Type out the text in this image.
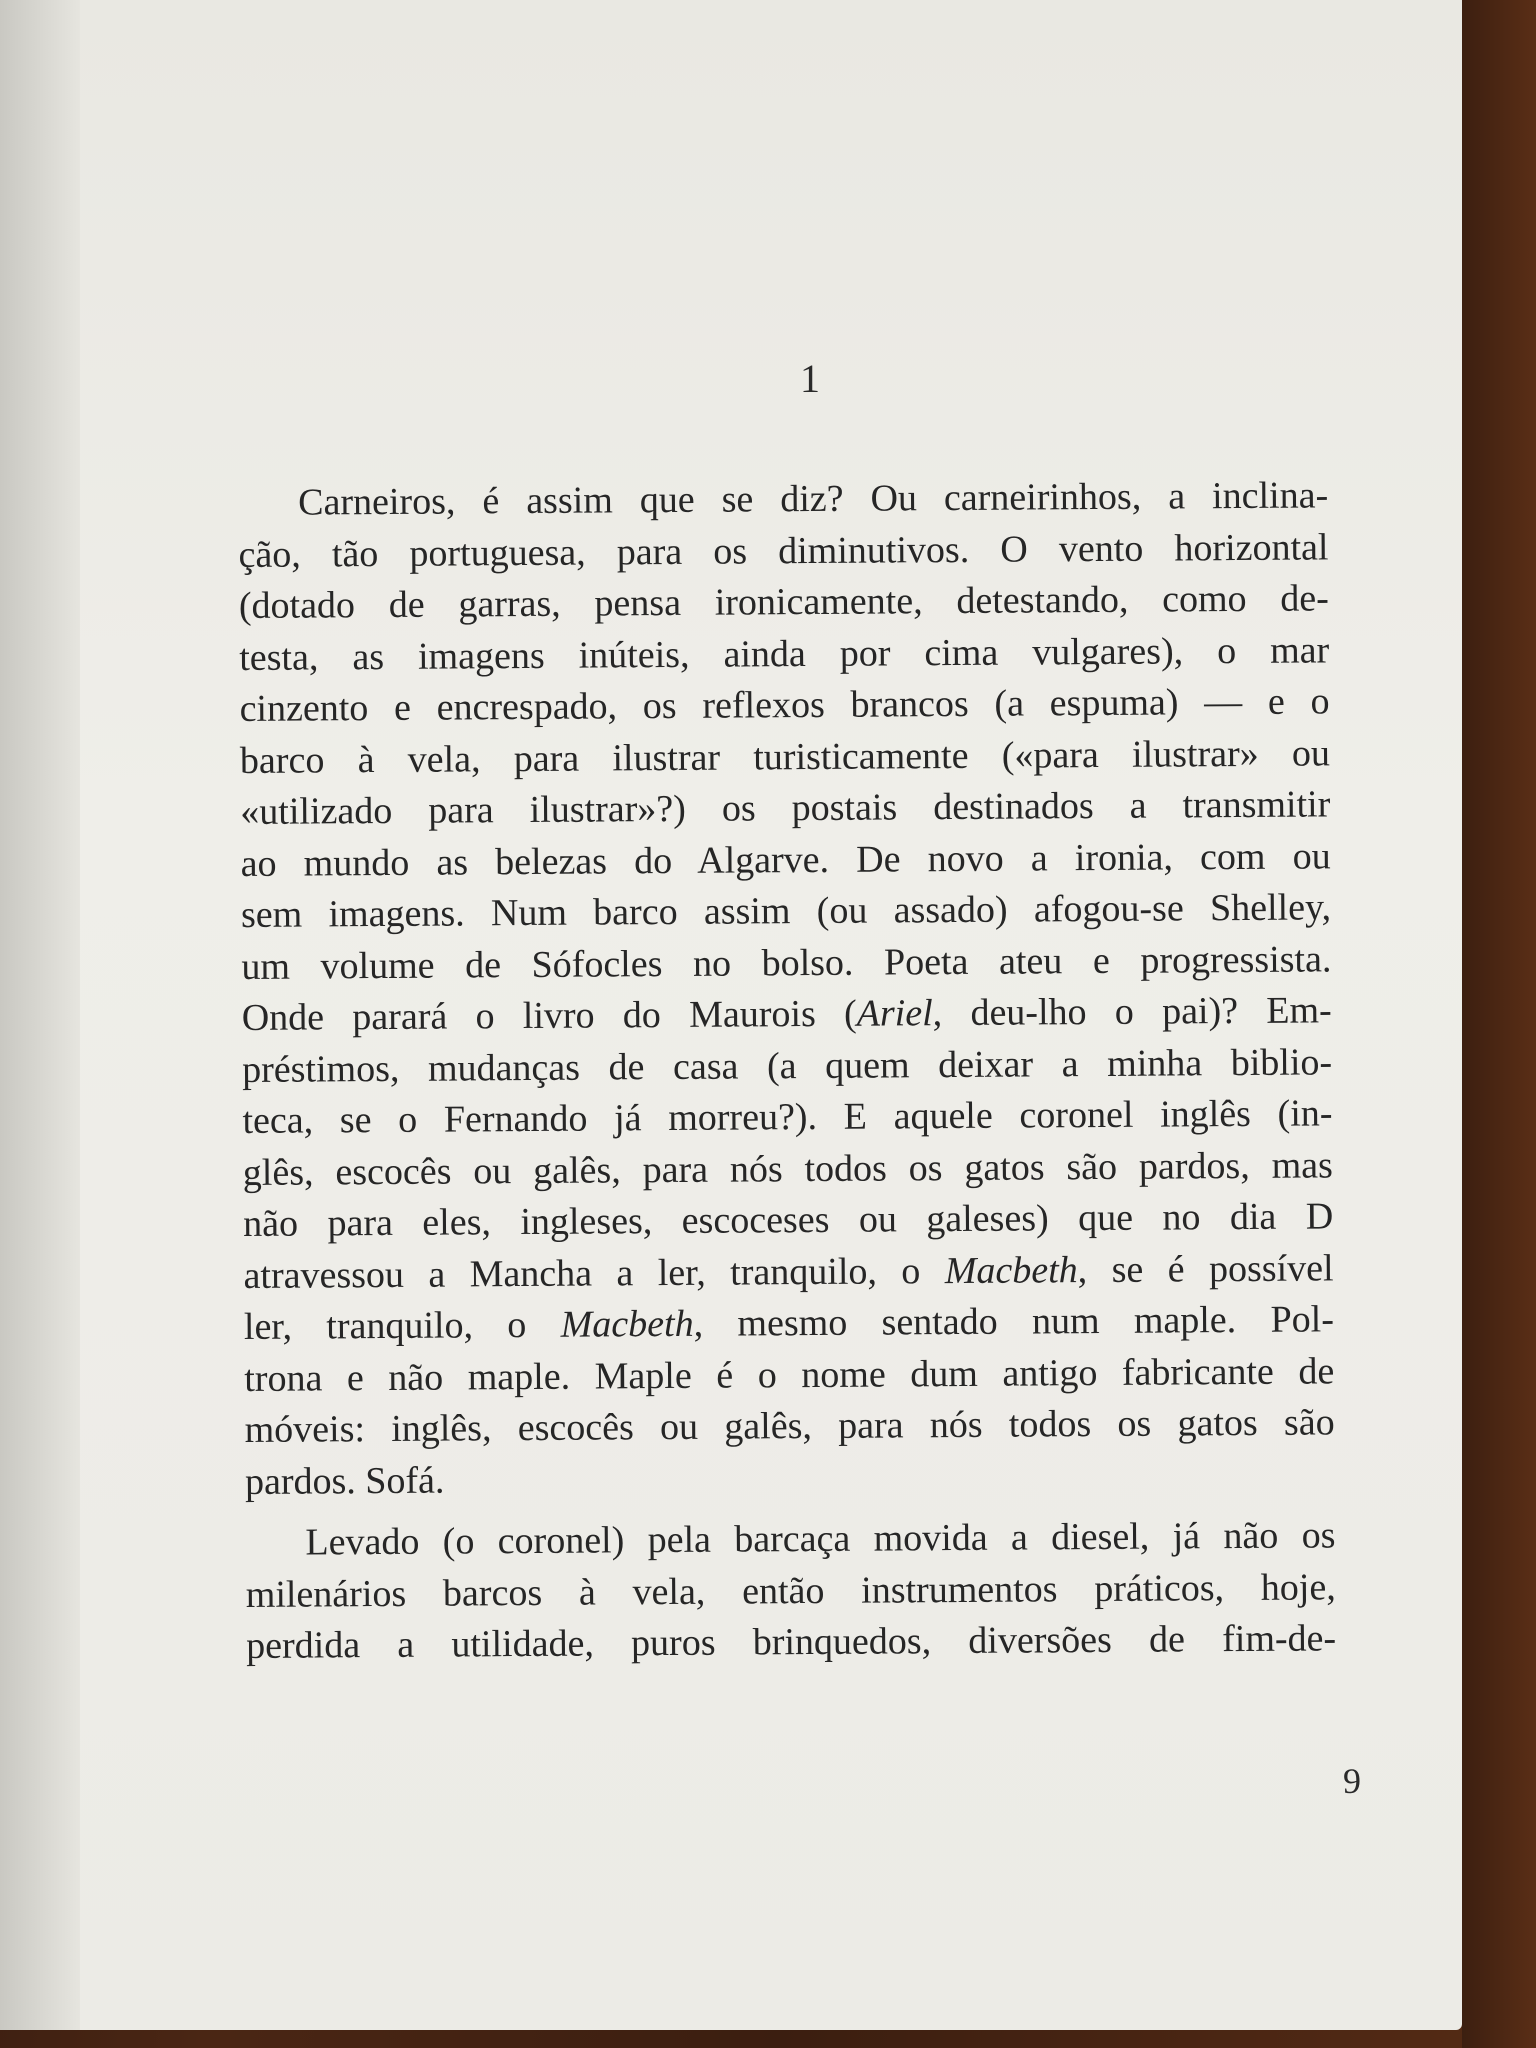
1

Carneiros, é assim que se diz? Ou carneirinhos, a inclina-
ção, tão portuguesa, para os diminutivos. O vento horizontal
(dotado de garras, pensa ironicamente, detestando, como de-
testa, as imagens inúteis, ainda por cima vulgares), o mar
cinzento e encrespado, os reflexos brancos (a espuma) — e o
barco à vela, para ilustrar turisticamente («para ilustrar» ou
«utilizado para ilustrar»?) os postais destinados a transmitir
ao mundo as belezas do Algarve. De novo a ironia, com ou
sem imagens. Num barco assim (ou assado) afogou-se Shelley,
um volume de Sófocles no bolso. Poeta ateu e progressista.
Onde parará o livro do Maurois (Ariel, deu-lho o pai)? Em-
préstimos, mudanças de casa (a quem deixar a minha biblio-
teca, se o Fernando já morreu?). E aquele coronel inglês (in-
glês, escocês ou galês, para nós todos os gatos são pardos, mas
não para eles, ingleses, escoceses ou galeses) que no dia D
atravessou a Mancha a ler, tranquilo, o Macbeth, se é possível
ler, tranquilo, o Macbeth, mesmo sentado num maple. Pol-
trona e não maple. Maple é o nome dum antigo fabricante de
móveis: inglês, escocês ou galês, para nós todos os gatos são
pardos. Sofá.

Levado (o coronel) pela barcaça movida a diesel, já não os
milenários barcos à vela, então instrumentos práticos, hoje,
perdida a utilidade, puros brinquedos, diversões de fim-de-

9
